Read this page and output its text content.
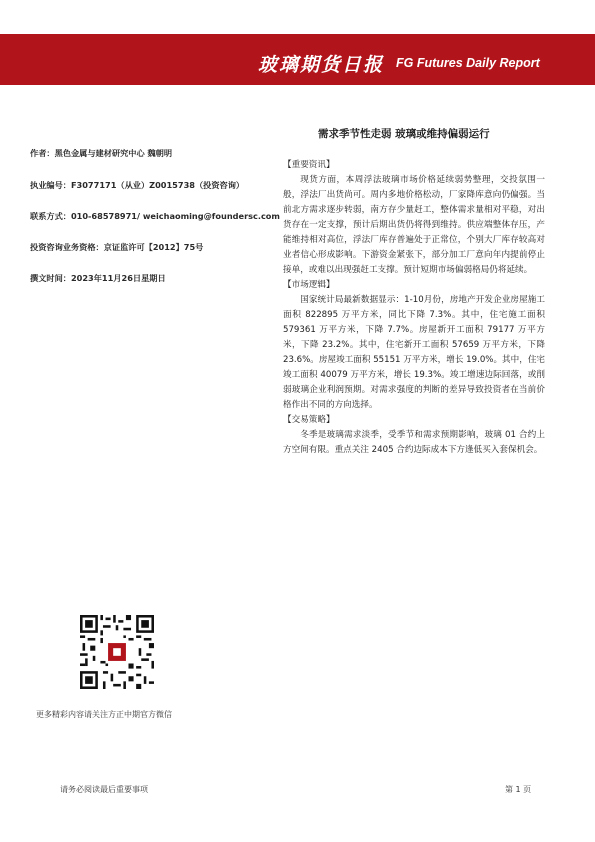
玻璃期货日报 FG Futures Daily Report
需求季节性走弱 玻璃或维持偏弱运行
作者：黑色金属与建材研究中心 魏朝明
执业编号：F3077171（从业）Z0015738（投资咨询）
联系方式：010-68578971/ weichaoming@foundersc.com
投资咨询业务资格：京证监许可【2012】75号
撰文时间：2023年11月26日星期日
【重要资讯】

现货方面，本周浮法玻璃市场价格延续弱势整理，交投氛围一般，浮法厂出货尚可。周内多地价格松动，厂家降库意向仍偏强。当前北方需求逐步转弱，南方存少量赶工，整体需求量相对平稳，对出货存在一定支撑，预计后期出货仍将得到维持。供应端整体存压，产能维持相对高位，浮法厂库存普遍处于正常位，个别大厂库存较高对业者信心形成影响。下游资金紧张下，部分加工厂意向年内提前停止接单，或难以出现强赶工支撑。预计短期市场偏弱格局仍将延续。

【市场逻辑】

国家统计局最新数据显示：1-10月份，房地产开发企业房屋施工面积 822895 万平方米，同比下降 7.3%。其中，住宅施工面积 579361 万平方米，下降 7.7%。房屋新开工面积 79177 万平方米，下降 23.2%。其中，住宅新开工面积 57659 万平方米，下降 23.6%。房屋竣工面积 55151 万平方米，增长 19.0%。其中，住宅竣工面积 40079 万平方米，增长 19.3%。竣工增速边际回落，或削弱玻璃企业利润预期。对需求强度的判断的差异导致投资者在当前价格作出不同的方向选择。

【交易策略】

冬季是玻璃需求淡季，受季节和需求预期影响，玻璃 01 合约上方空间有限。重点关注 2405 合约边际成本下方逢低买入套保机会。

更多精彩内容请关注方正中期官方微信
请务必阅读最后重要事项	第 1 页
